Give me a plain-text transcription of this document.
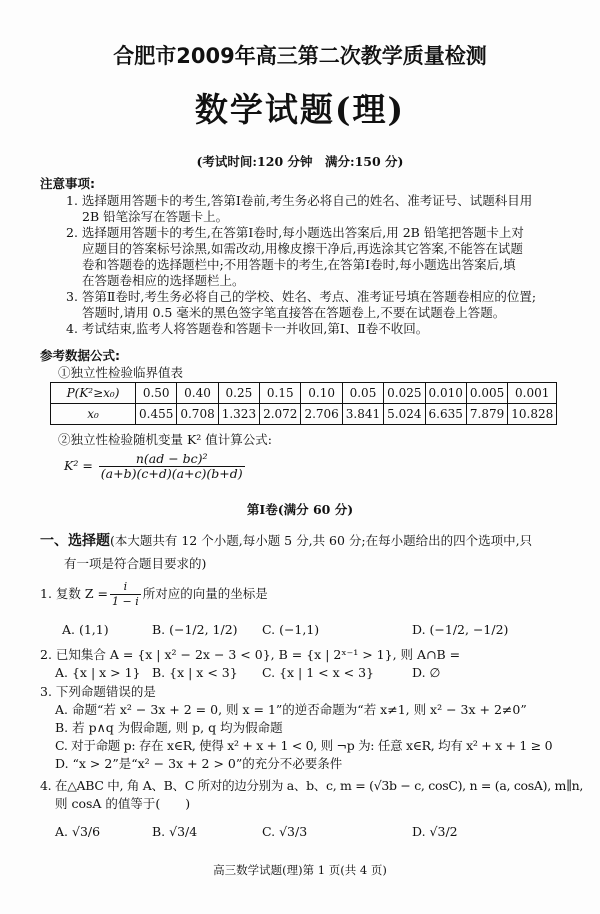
合肥市2009年高三第二次教学质量检测
数学试题(理)
(考试时间:120 分钟　满分:150 分)
注意事项:
1. 选择题用答题卡的考生,答第Ⅰ卷前,考生务必将自己的姓名、准考证号、试题科目用
2B 铅笔涂写在答题卡上。
2. 选择题用答题卡的考生,在答第Ⅰ卷时,每小题选出答案后,用 2B 铅笔把答题卡上对
应题目的答案标号涂黑,如需改动,用橡皮擦干净后,再选涂其它答案,不能答在试题
卷和答题卷的选择题栏中;不用答题卡的考生,在答第Ⅰ卷时,每小题选出答案后,填
在答题卷相应的选择题栏上。
3. 答第Ⅱ卷时,考生务必将自己的学校、姓名、考点、准考证号填在答题卷相应的位置;
答题时,请用 0.5 毫米的黑色签字笔直接答在答题卷上,不要在试题卷上答题。
4. 考试结束,监考人将答题卷和答题卡一并收回,第Ⅰ、Ⅱ卷不收回。
参考数据公式:
①独立性检验临界值表
P(K²≥x₀)	0.50	0.40	0.25	0.15	0.10	0.05	0.025	0.010	0.005	0.001
x₀	0.455	0.708	1.323	2.072	2.706	3.841	5.024	6.635	7.879	10.828
②独立性检验随机变量 K² 值计算公式:
$K^2 = \frac{\text{n(ad − bc)²}}{(a+b)(c+d)(a+c)(b+d)}$
第Ⅰ卷(满分 60 分)
一、选择题(本大题共有 12 个小题,每小题 5 分,共 60 分;在每小题给出的四个选项中,只
有一项是符合题目要求的)
1. 复数 $Z = \frac{i}{1 - i}$ 所对应的向量的坐标是
A. (1,1)	B. (−1/2, 1/2) C. (−1,1)	D. (−1/2, −1/2)
2. 已知集合 A = {x | x² − 2x − 3 < 0}, B = {x | 2ˣ⁻¹ > 1}, 则 A∩B =
A. {x | x > 1} B. {x | x < 3} C. {x | 1 < x < 3}	D. ∅
3. 下列命题错误的是
A. 命题“若 x² − 3x + 2 = 0, 则 x = 1”的逆否命题为“若 x≠1, 则 x² − 3x + 2≠0”
B. 若 p∧q 为假命题, 则 p, q 均为假命题
C. 对于命题 p: 存在 x∈R, 使得 x² + x + 1 < 0, 则 ¬p 为: 任意 x∈R, 均有 x² + x + 1 ≥ 0
D. “x > 2”是“x² − 3x + 2 > 0”的充分不必要条件
4. 在△ABC 中, 角 A、B、C 所对的边分别为 a、b、c, m = (√3b − c, cosC), n = (a, cosA), m∥n,
则 cosA 的值等于(　　)
A. √3/6	B. √3/4	C. √3/3	D. √3/2
高三数学试题(理)第 1 页(共 4 页)
